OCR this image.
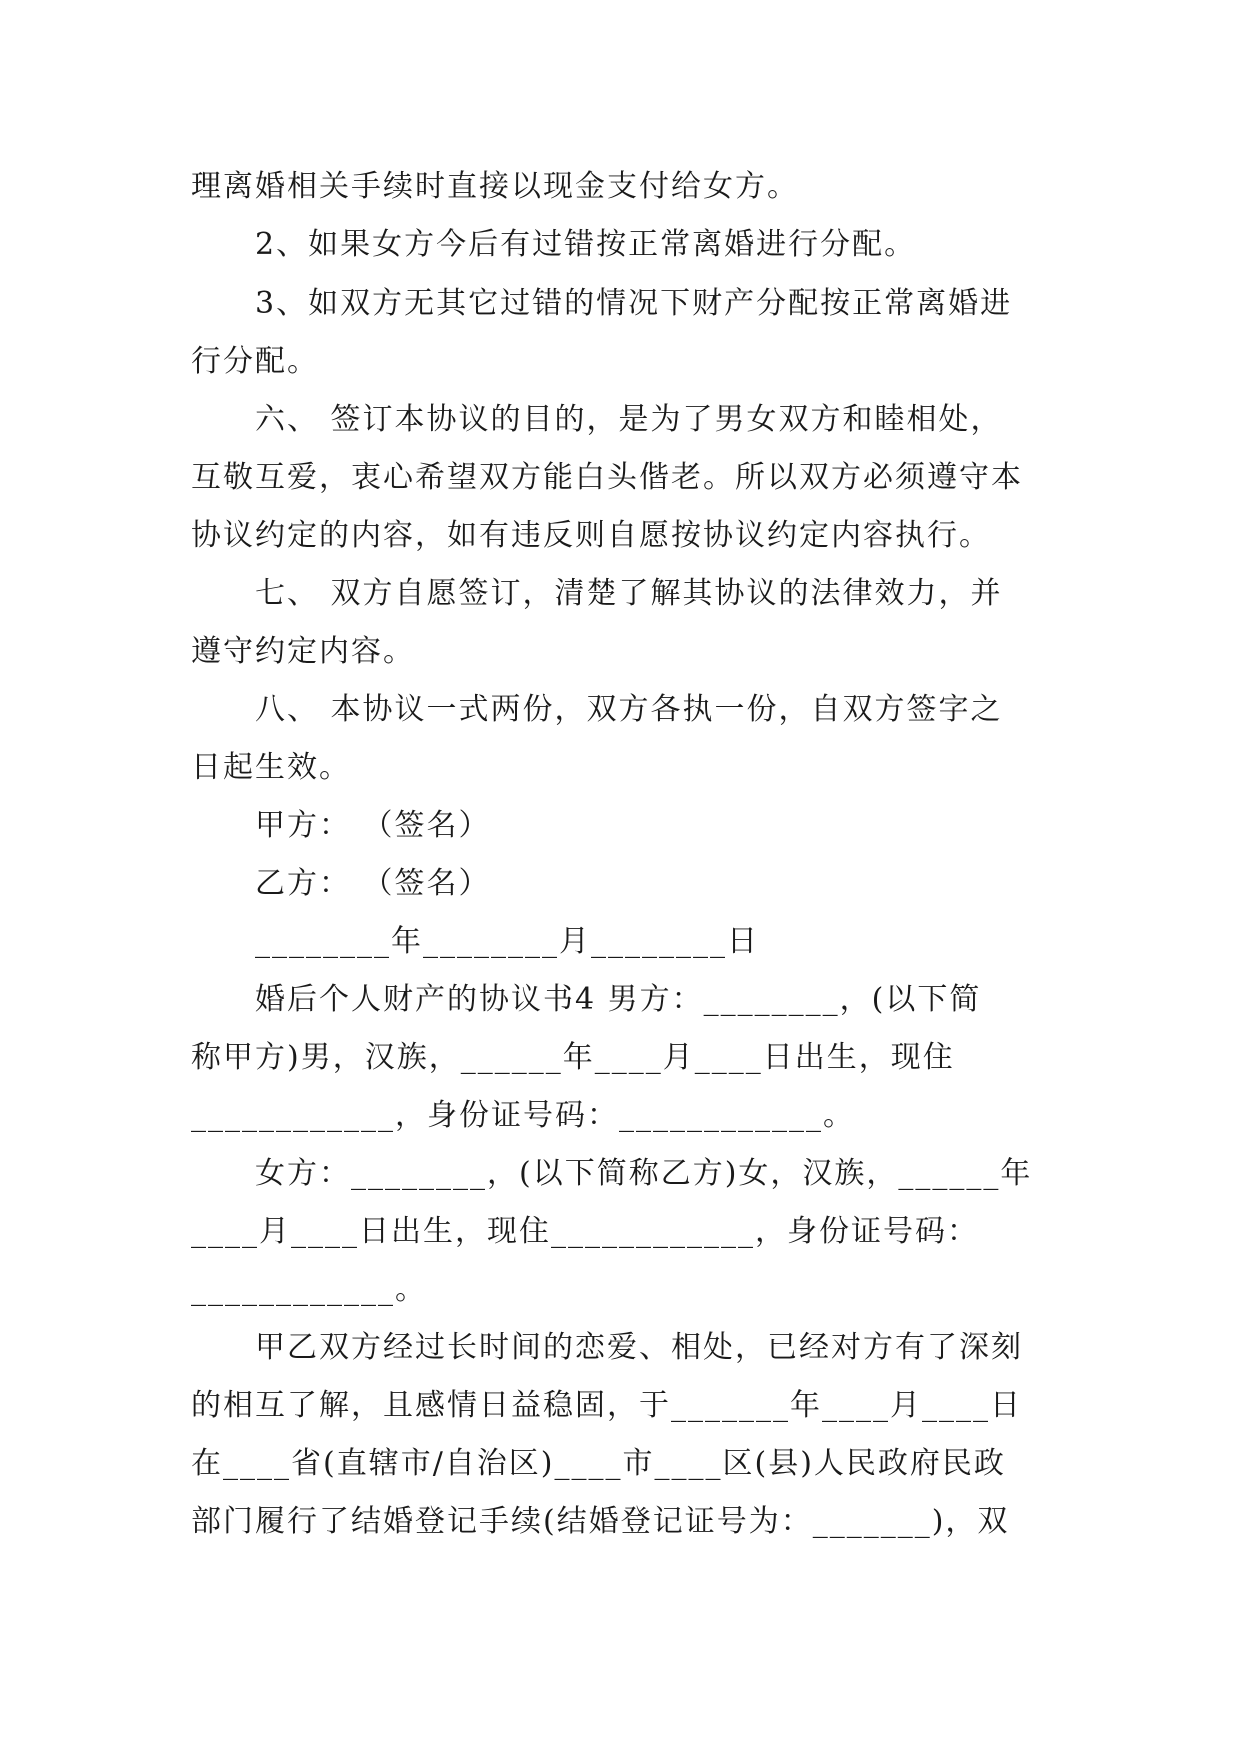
理离婚相关手续时直接以现金支付给女方。
2、如果女方今后有过错按正常离婚进行分配。
3、如双方无其它过错的情况下财产分配按正常离婚进
行分配。
六、 签订本协议的目的，是为了男女双方和睦相处，
互敬互爱，衷心希望双方能白头偕老。所以双方必须遵守本
协议约定的内容，如有违反则自愿按协议约定内容执行。
七、 双方自愿签订，清楚了解其协议的法律效力，并
遵守约定内容。
八、 本协议一式两份，双方各执一份，自双方签字之
日起生效。
甲方： （签名）
乙方： （签名）
________年________月________日
婚后个人财产的协议书4 男方：________，(以下简
称甲方)男，汉族，______年____月____日出生，现住
____________，身份证号码：____________。
女方：________，(以下简称乙方)女，汉族，______年
____月____日出生，现住____________，身份证号码：
____________。
甲乙双方经过长时间的恋爱、相处，已经对方有了深刻
的相互了解，且感情日益稳固，于_______年____月____日
在____省(直辖市/自治区)____市____区(县)人民政府民政
部门履行了结婚登记手续(结婚登记证号为：_______)，双
